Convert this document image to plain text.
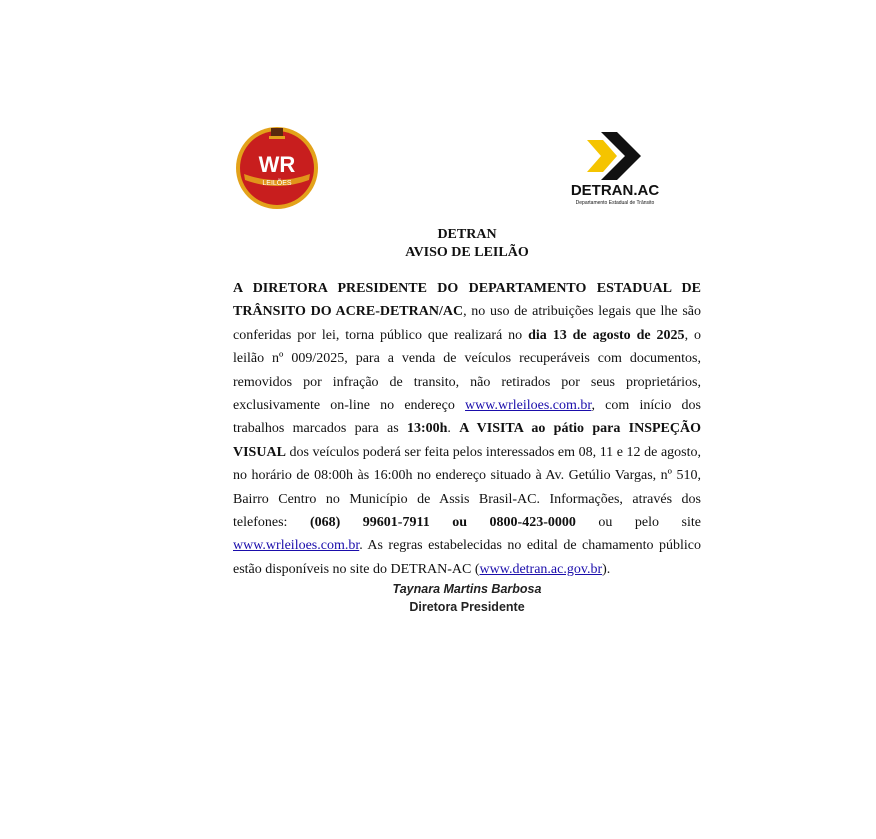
WR
LEILÕES	DETRAN.AC
Departamento Estadual de Trânsito
DETRAN
AVISO DE LEILÃO
A DIRETORA PRESIDENTE DO DEPARTAMENTO ESTADUAL DE TRÂNSITO DO ACRE-DETRAN/AC, no uso de atribuições legais que lhe são conferidas por lei, torna público que realizará no dia 13 de agosto de 2025, o leilão nº 009/2025, para a venda de veículos recuperáveis com documentos, removidos por infração de transito, não retirados por seus proprietários, exclusivamente on-line no endereço www.wrleiloes.com.br, com início dos trabalhos marcados para as 13:00h. A VISITA ao pátio para INSPEÇÃO VISUAL dos veículos poderá ser feita pelos interessados em 08, 11 e 12 de agosto, no horário de 08:00h às 16:00h no endereço situado à Av. Getúlio Vargas, nº 510, Bairro Centro no Município de Assis Brasil-AC. Informações, através dos telefones: (068) 99601-7911 ou 0800-423-0000 ou pelo site www.wrleiloes.com.br. As regras estabelecidas no edital de chamamento público estão disponíveis no site do DETRAN-AC (www.detran.ac.gov.br).
Taynara Martins Barbosa
Diretora Presidente
